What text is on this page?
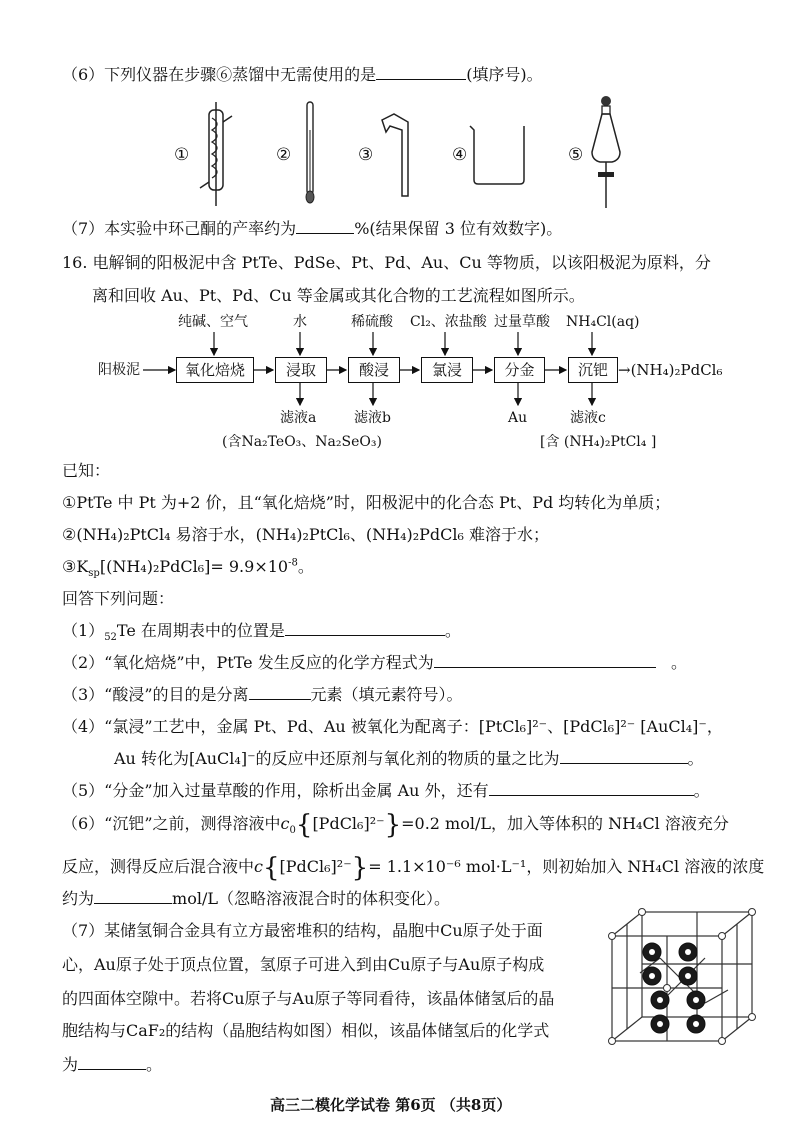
（6）下列仪器在步骤⑥蒸馏中无需使用的是	(填序号)。
①	②	③	④	⑤
（7）本实验中环己酮的产率约为	%(结果保留 3 位有效数字)。
16. 电解铜的阳极泥中含 PtTe、PdSe、Pt、Pd、Au、Cu 等物质，以该阳极泥为原料，分
离和回收 Au、Pt、Pd、Cu 等金属或其化合物的工艺流程如图所示。
阳极泥	氧化焙烧	浸取	酸浸	氯浸	分金	沉钯 →(NH₄)₂PdCl₆
纯碱、空气	水	稀硫酸 Cl₂、浓盐酸 过量草酸 NH₄Cl(aq)
滤液a	滤液b	Au	滤液c
(含Na₂TeO₃、Na₂SeO₃)	[含 (NH₄)₂PtCl₄ ]
已知：
①PtTe 中 Pt 为+2 价，且“氧化焙烧”时，阳极泥中的化合态 Pt、Pd 均转化为单质；
②(NH₄)₂PtCl₄ 易溶于水，(NH₄)₂PtCl₆、(NH₄)₂PdCl₆ 难溶于水；
$③K_{sp}[(NH_4)_2PdCl_6]= 9.9\times 10^{-8}$。
回答下列问题：
$(1)_{52}Te$ 在周期表中的位置是	。
（2）“氧化焙烧”中，PtTe 发生反应的化学方程式为	。
（3）“酸浸”的目的是分离	元素（填元素符号）。
（4）“氯浸”工艺中，金属 Pt、Pd、Au 被氧化为配离子：[PtCl₆]²⁻、[PdCl₆]²⁻ [AuCl₄]⁻，
Au 转化为[AuCl₄]⁻的反应中还原剂与氧化剂的物质的量之比为	。
（5）“分金”加入过量草酸的作用，除析出金属 Au 外，还有	。
（6）“沉钯”之前，测得溶液中$c_0\{[PdCl_6]^{2-}\}=0.2$ mol/L，加入等体积的 NH₄Cl 溶液充分
反应，测得反应后混合液中c{[PdCl₆]²⁻}= 1.1×10⁻⁶ mol·L⁻¹，则初始加入 NH₄Cl 溶液的浓度
约为	mol/L（忽略溶液混合时的体积变化）。
（7）某储氢铜合金具有立方最密堆积的结构，晶胞中Cu原子处于面
心，Au原子处于顶点位置，氢原子可进入到由Cu原子与Au原子构成
的四面体空隙中。若将Cu原子与Au原子等同看待，该晶体储氢后的晶
胞结构与CaF₂的结构（晶胞结构如图）相似，该晶体储氢后的化学式
为	。
高三二模化学试卷 第6页 （共8页）
